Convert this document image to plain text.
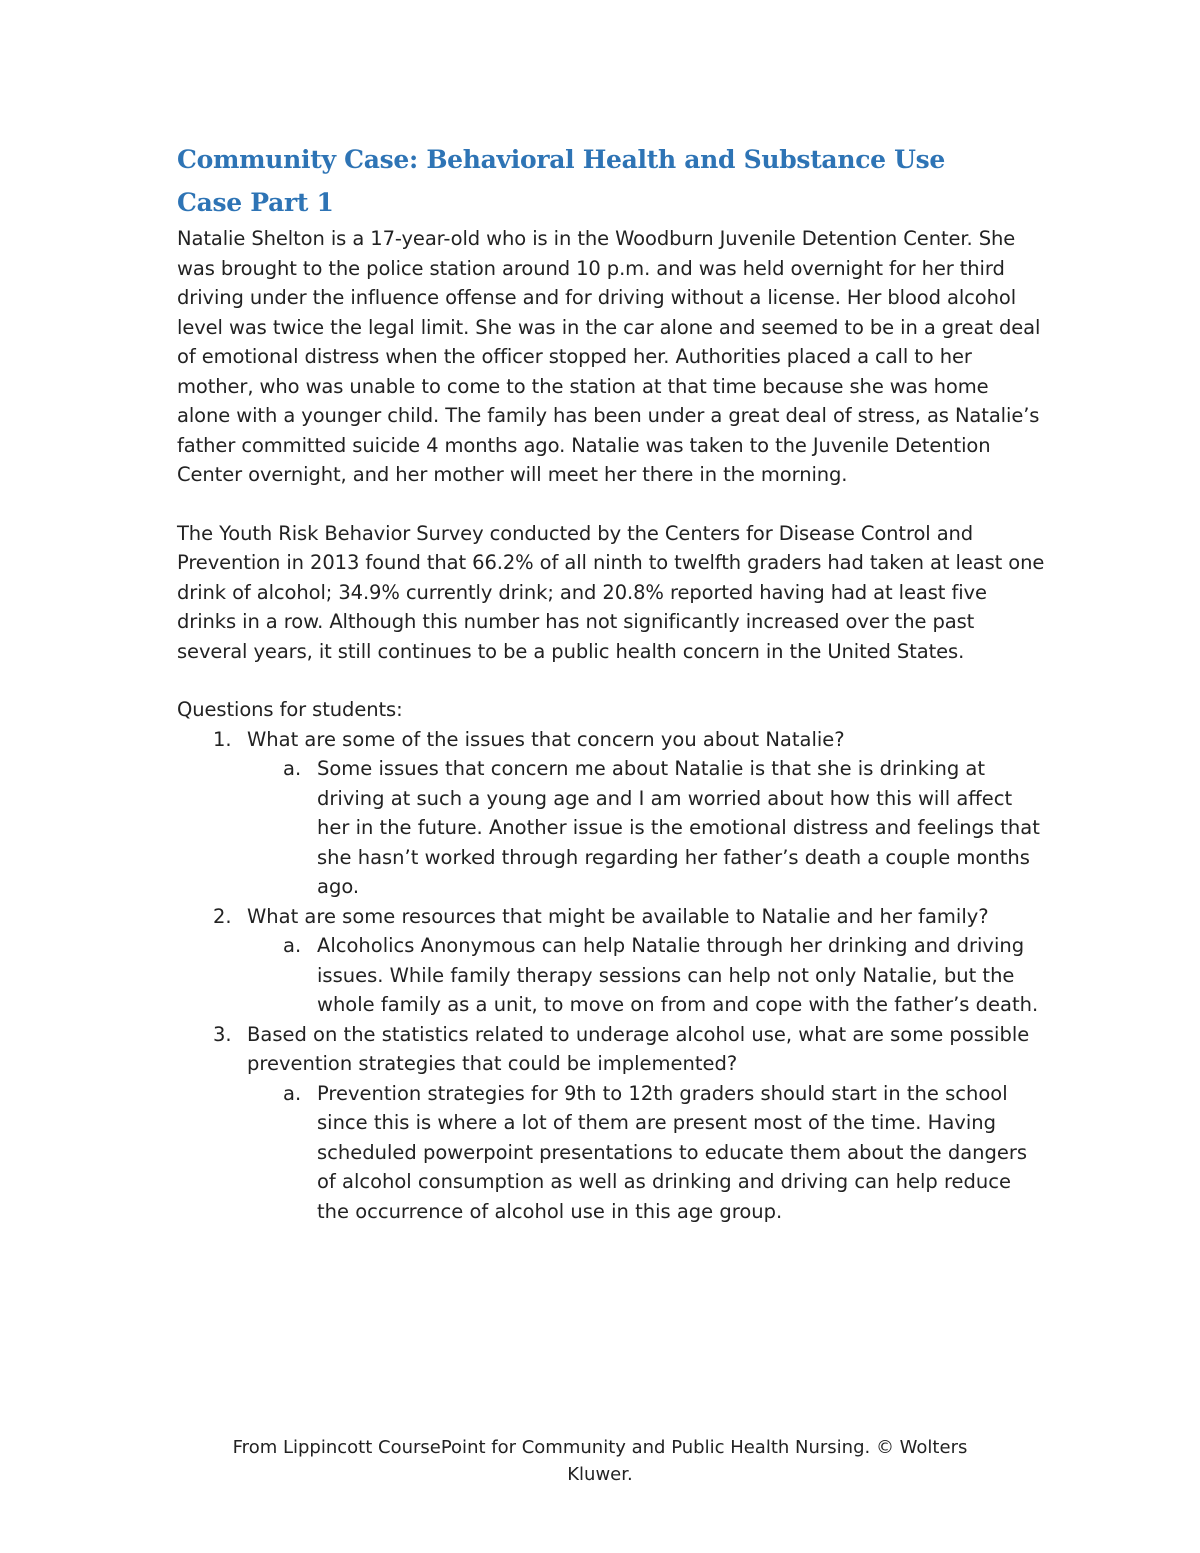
Community Case: Behavioral Health and Substance Use
Case Part 1

Natalie Shelton is a 17-year-old who is in the Woodburn Juvenile Detention Center. She was brought to the police station around 10 p.m. and was held overnight for her third driving under the influence offense and for driving without a license. Her blood alcohol level was twice the legal limit. She was in the car alone and seemed to be in a great deal of emotional distress when the officer stopped her. Authorities placed a call to her mother, who was unable to come to the station at that time because she was home alone with a younger child. The family has been under a great deal of stress, as Natalie’s father committed suicide 4 months ago. Natalie was taken to the Juvenile Detention Center overnight, and her mother will meet her there in the morning.

The Youth Risk Behavior Survey conducted by the Centers for Disease Control and Prevention in 2013 found that 66.2% of all ninth to twelfth graders had taken at least one drink of alcohol; 34.9% currently drink; and 20.8% reported having had at least five drinks in a row. Although this number has not significantly increased over the past several years, it still continues to be a public health concern in the United States.

Questions for students:

1. What are some of the issues that concern you about Natalie?
a. Some issues that concern me about Natalie is that she is drinking at driving at such a young age and I am worried about how this will affect her in the future. Another issue is the emotional distress and feelings that she hasn’t worked through regarding her father’s death a couple months ago.
2. What are some resources that might be available to Natalie and her family?
a. Alcoholics Anonymous can help Natalie through her drinking and driving issues. While family therapy sessions can help not only Natalie, but the whole family as a unit, to move on from and cope with the father’s death.
3. Based on the statistics related to underage alcohol use, what are some possible prevention strategies that could be implemented?
a. Prevention strategies for 9th to 12th graders should start in the school since this is where a lot of them are present most of the time. Having scheduled powerpoint presentations to educate them about the dangers of alcohol consumption as well as drinking and driving can help reduce the occurrence of alcohol use in this age group.
From Lippincott CoursePoint for Community and Public Health Nursing. © Wolters Kluwer.
